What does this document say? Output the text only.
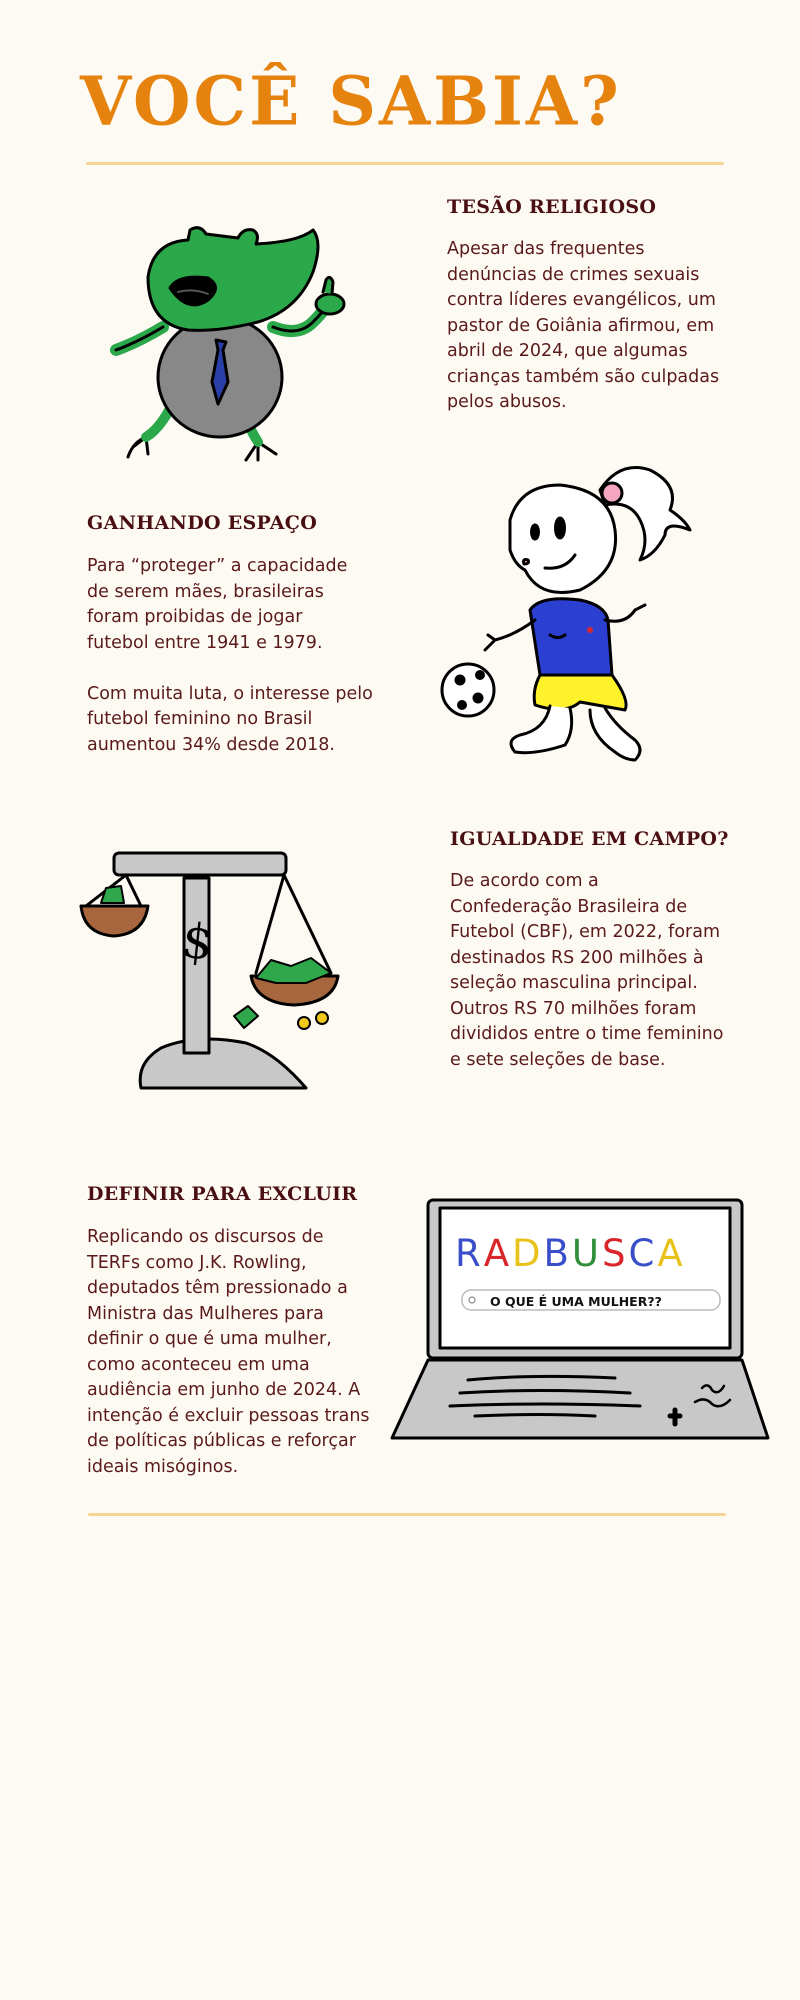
VOCÊ SABIA?
TESÃO RELIGIOSO

Apesar das frequentes
denúncias de crimes sexuais
contra líderes evangélicos, um
pastor de Goiânia afirmou, em
abril de 2024, que algumas
crianças também são culpadas
pelos abusos.

GANHANDO ESPAÇO

Para “proteger” a capacidade
de serem mães, brasileiras
foram proibidas de jogar
futebol entre 1941 e 1979.

Com muita luta, o interesse pelo
futebol feminino no Brasil
aumentou 34% desde 2018.

IGUALDADE EM CAMPO?

De acordo com a
Confederação Brasileira de
Futebol (CBF), em 2022, foram
destinados RS 200 milhões à
seleção masculina principal.
Outros RS 70 milhões foram
divididos entre o time feminino
e sete seleções de base.

$
DEFINIR PARA EXCLUIR

Replicando os discursos de
TERFs como J.K. Rowling,
deputados têm pressionado a
Ministra das Mulheres para
definir o que é uma mulher,
como aconteceu em uma
audiência em junho de 2024. A
intenção é excluir pessoas trans
de políticas públicas e reforçar
ideais misóginos.

R A D B U S C A
O QUE É UMA MULHER??
